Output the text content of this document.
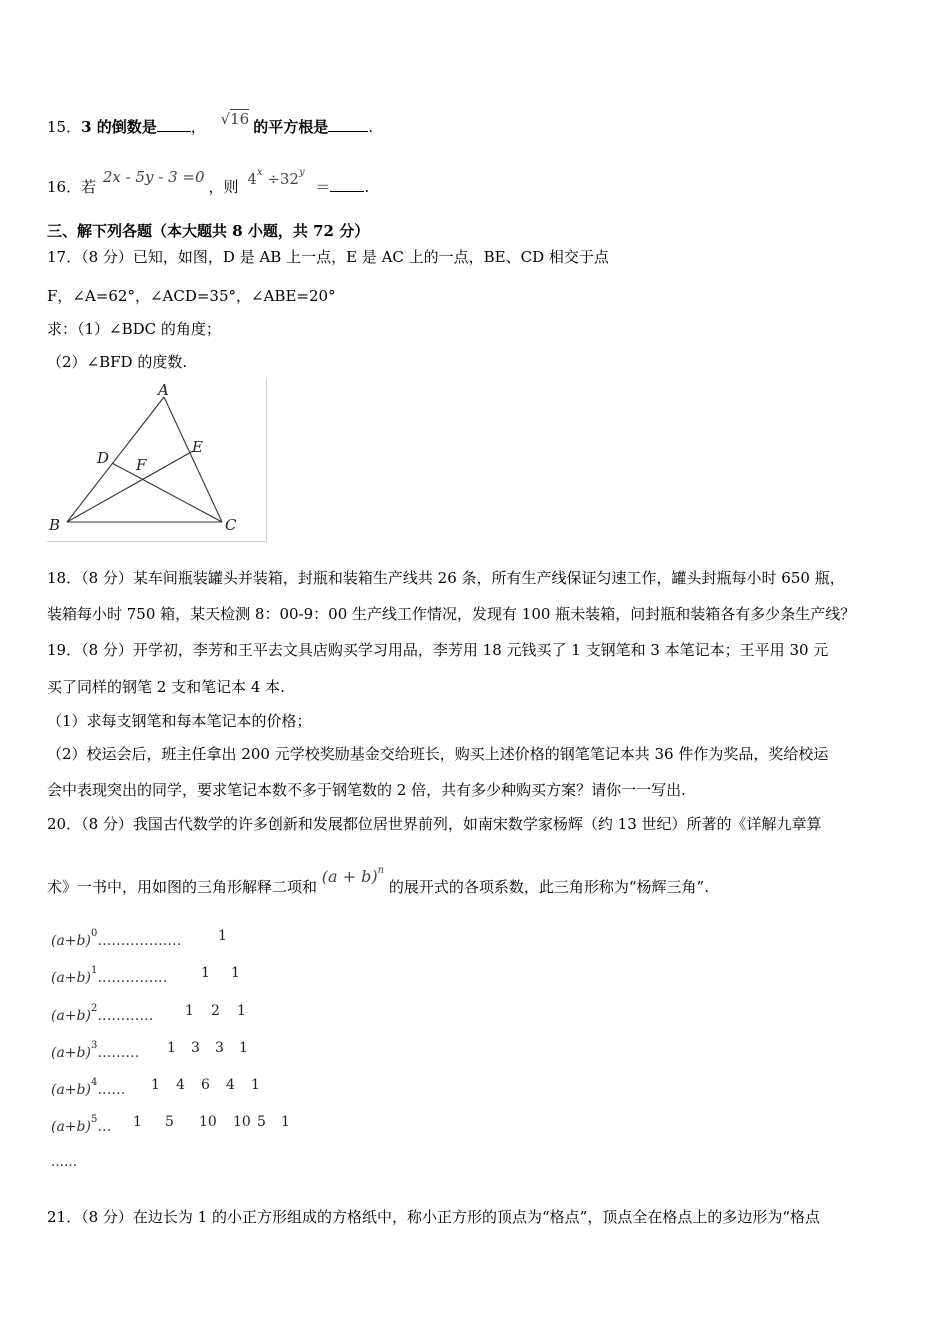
15．3 的倒数是 ， √16 的平方根是	.
16．若 2x - 5y - 3 =0，则 $4^x \div 32^y$ ＝ .
三、解下列各题（本大题共 8 小题，共 72 分）
17．（8 分）已知，如图，D 是 AB 上一点，E 是 AC 上的一点，BE、CD 相交于点
F，∠A=62°，∠ACD=35°，∠ABE=20°
求：（1）∠BDC 的角度；
（2）∠BFD 的度数.
A
B	C
D
E
F
18．（8 分）某车间瓶装罐头并装箱，封瓶和装箱生产线共 26 条，所有生产线保证匀速工作，罐头封瓶每小时 650 瓶，
装箱每小时 750 箱，某天检测 8：00-9：00 生产线工作情况，发现有 100 瓶未装箱，问封瓶和装箱各有多少条生产线？
19．（8 分）开学初，李芳和王平去文具店购买学习用品，李芳用 18 元钱买了 1 支钢笔和 3 本笔记本；王平用 30 元
买了同样的钢笔 2 支和笔记本 4 本.
（1）求每支钢笔和每本笔记本的价格；
（2）校运会后，班主任拿出 200 元学校奖励基金交给班长，购买上述价格的钢笔笔记本共 36 件作为奖品，奖给校运
会中表现突出的同学，要求笔记本数不多于钢笔数的 2 倍，共有多少种购买方案？请你一一写出.
20．（8 分）我国古代数学的许多创新和发展都位居世界前列，如南宋数学家杨辉（约 13 世纪）所著的《详解九章算
术》一书中，用如图的三角形解释二项和 $(a + b)^n$ 的展开式的各项系数，此三角形称为“杨辉三角”.
$(a+b)^0\dots\dots\dots\dots\dots\dots$	1
$(a+b)^1\dots\dots\dots\dots\dots$ 1 1
$(a+b)^2\dots\dots\dots\dots$ 1 2 1
$(a+b)^3\dots\dots\dots$ 1 3 3 1
$(a+b)^4\dots\dots$ 1 4 6 4 1
$(a+b)^5\dots$ 1 5 10 10 5 1
……
21．（8 分）在边长为 1 的小正方形组成的方格纸中，称小正方形的顶点为“格点”，顶点全在格点上的多边形为“格点
